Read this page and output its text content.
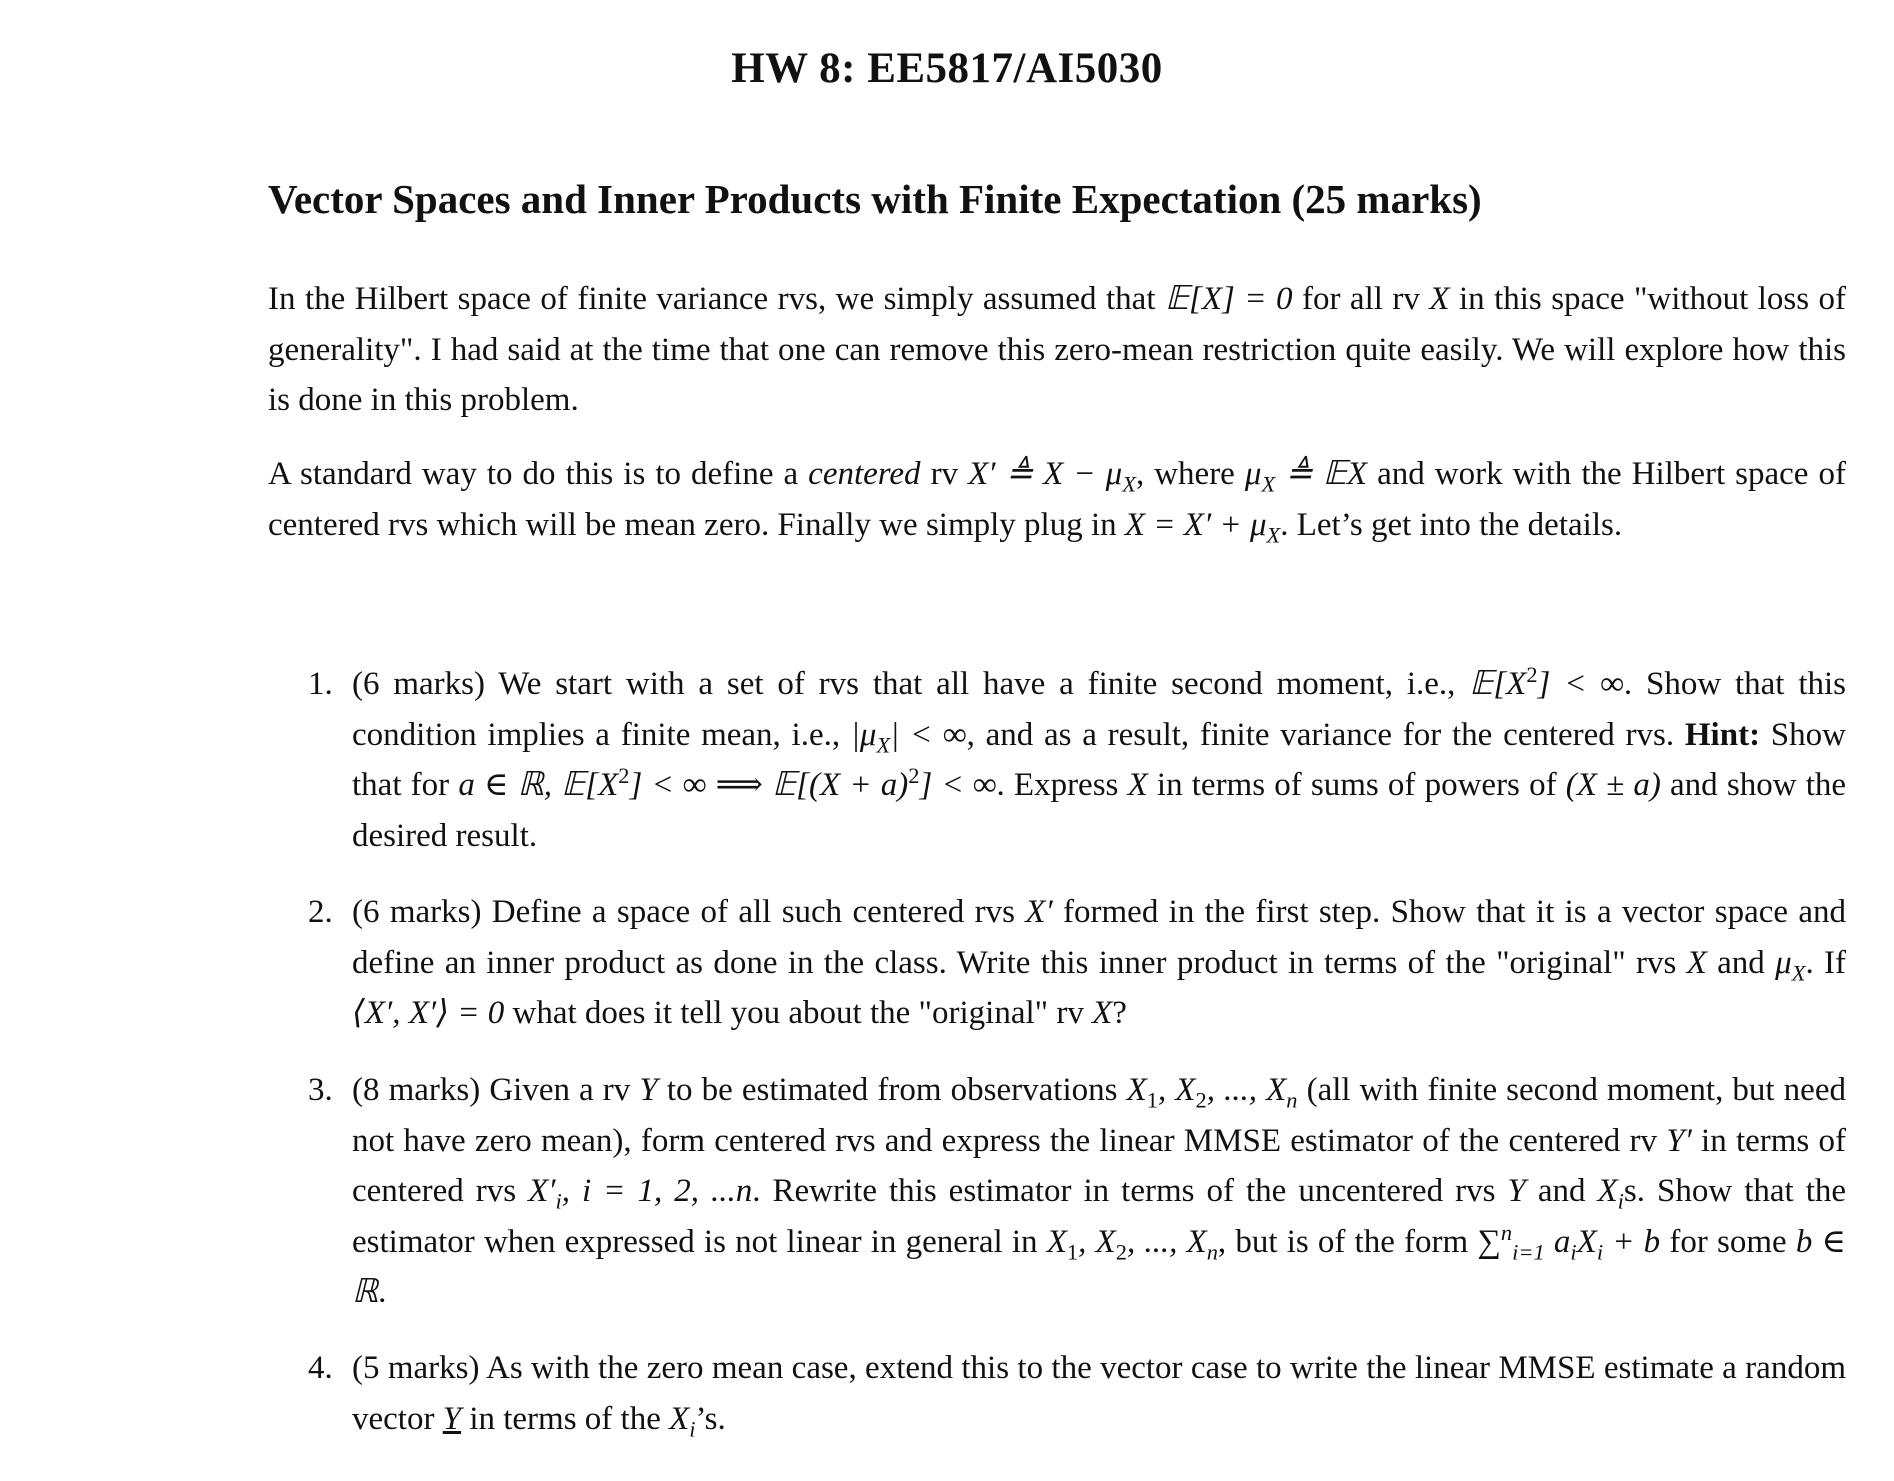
HW 8: EE5817/AI5030
Vector Spaces and Inner Products with Finite Expectation (25 marks)

In the Hilbert space of finite variance rvs, we simply assumed that 𝔼[X] = 0 for all rv X in this space "without loss of generality". I had said at the time that one can remove this zero-mean restriction quite easily. We will explore how this is done in this problem.

A standard way to do this is to define a centered rv X′ ≜ $X - \mu_X$, where $\mu_X$ ≜ 𝔼X and work with the Hilbert space of centered rvs which will be mean zero. Finally we simply plug in $X = X' + \mu_X$. Let’s get into the details.

1. (6 marks) We start with a set of rvs that all have a finite second moment, i.e., $𝔼[X^2]$ < ∞. Show that this condition implies a finite mean, i.e., $|\mu_X|$ < ∞, and as a result, finite variance for the centered rvs. Hint: Show that for a ∈ ℝ, $𝔼[X^2]$ < ∞ ⟹ 𝔼[(X + a)$^2$] < ∞. Express X in terms of sums of powers of (X ± a) and show the desired result.

2. (6 marks) Define a space of all such centered rvs X′ formed in the first step. Show that it is a vector space and define an inner product as done in the class. Write this inner product in terms of the "original" rvs X and $\mu_X$. If ⟨X′, X′⟩ = 0 what does it tell you about the "original" rv X?

3. (8 marks) Given a rv Y to be estimated from observations $X_1$, $X_2$, ..., $X_n$ (all with finite second moment, but need not have zero mean), form centered rvs and express the linear MMSE estimator of the centered rv Y′ in terms of centered rvs $X'_i$, i = 1, 2, ...n. Rewrite this estimator in terms of the uncentered rvs Y and $X_is$. Show that the estimator when expressed is not linear in general in $X_1$, $X_2$, ..., $X_n$, but is of the form ∑$^n_{i=1}$ $a_iX_i + b$ for some b ∈ ℝ.

4. (5 marks) As with the zero mean case, extend this to the vector case to write the linear MMSE estimate a random vector Y in terms of the $X_i’s$.
